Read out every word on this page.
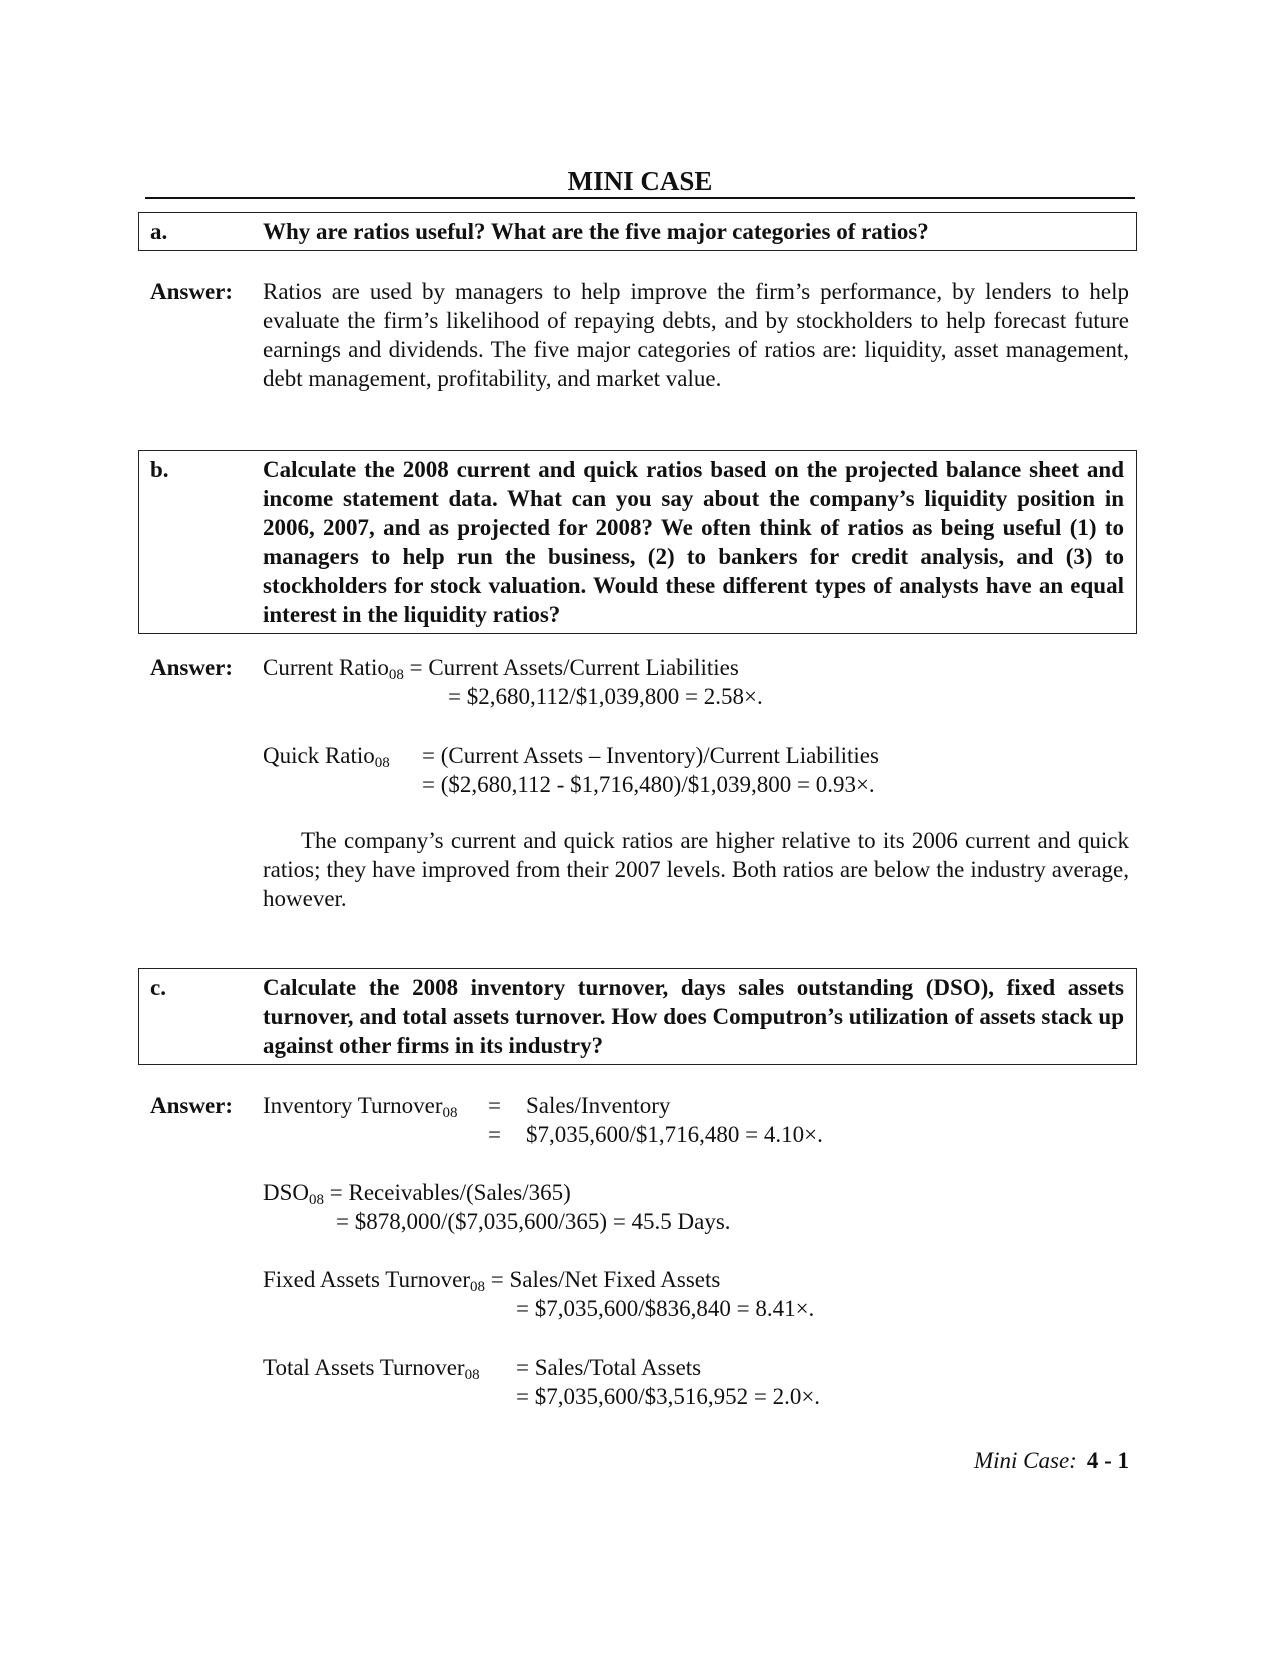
MINI CASE
a.	Why are ratios useful? What are the five major categories of ratios?
Answer: Ratios are used by managers to help improve the firm’s performance, by lenders to help evaluate the firm’s likelihood of repaying debts, and by stockholders to help forecast future earnings and dividends. The five major categories of ratios are: liquidity, asset management, debt management, profitability, and market value.
b.	Calculate the 2008 current and quick ratios based on the projected balance sheet and income statement data. What can you say about the company’s liquidity position in 2006, 2007, and as projected for 2008? We often think of ratios as being useful (1) to managers to help run the business, (2) to bankers for credit analysis, and (3) to stockholders for stock valuation. Would these different types of analysts have an equal interest in the liquidity ratios?
Answer: Current Ratio$_{08}$ = Current Assets/Current Liabilities
= $2,680,112/$1,039,800 = 2.58×.
Quick Ratio$_{08}$ = (Current Assets – Inventory)/Current Liabilities
= ($2,680,112 - $1,716,480)/$1,039,800 = 0.93×.
The company’s current and quick ratios are higher relative to its 2006 current and quick ratios; they have improved from their 2007 levels. Both ratios are below the industry average, however.
c.	Calculate the 2008 inventory turnover, days sales outstanding (DSO), fixed assets turnover, and total assets turnover. How does Computron’s utilization of assets stack up against other firms in its industry?
Answer: Inventory Turnover$_{08}$ = Sales/Inventory
= $7,035,600/$1,716,480 = 4.10×.
$DSO_{08}$ = Receivables/(Sales/365)
= $878,000/($7,035,600/365) = 45.5 Days.
Fixed Assets Turnover$_{08}$ = Sales/Net Fixed Assets
= $7,035,600/$836,840 = 8.41×.
Total Assets Turnover$_{08}$ = Sales/Total Assets
= $7,035,600/$3,516,952 = 2.0×.
Mini Case: 4 - 1
